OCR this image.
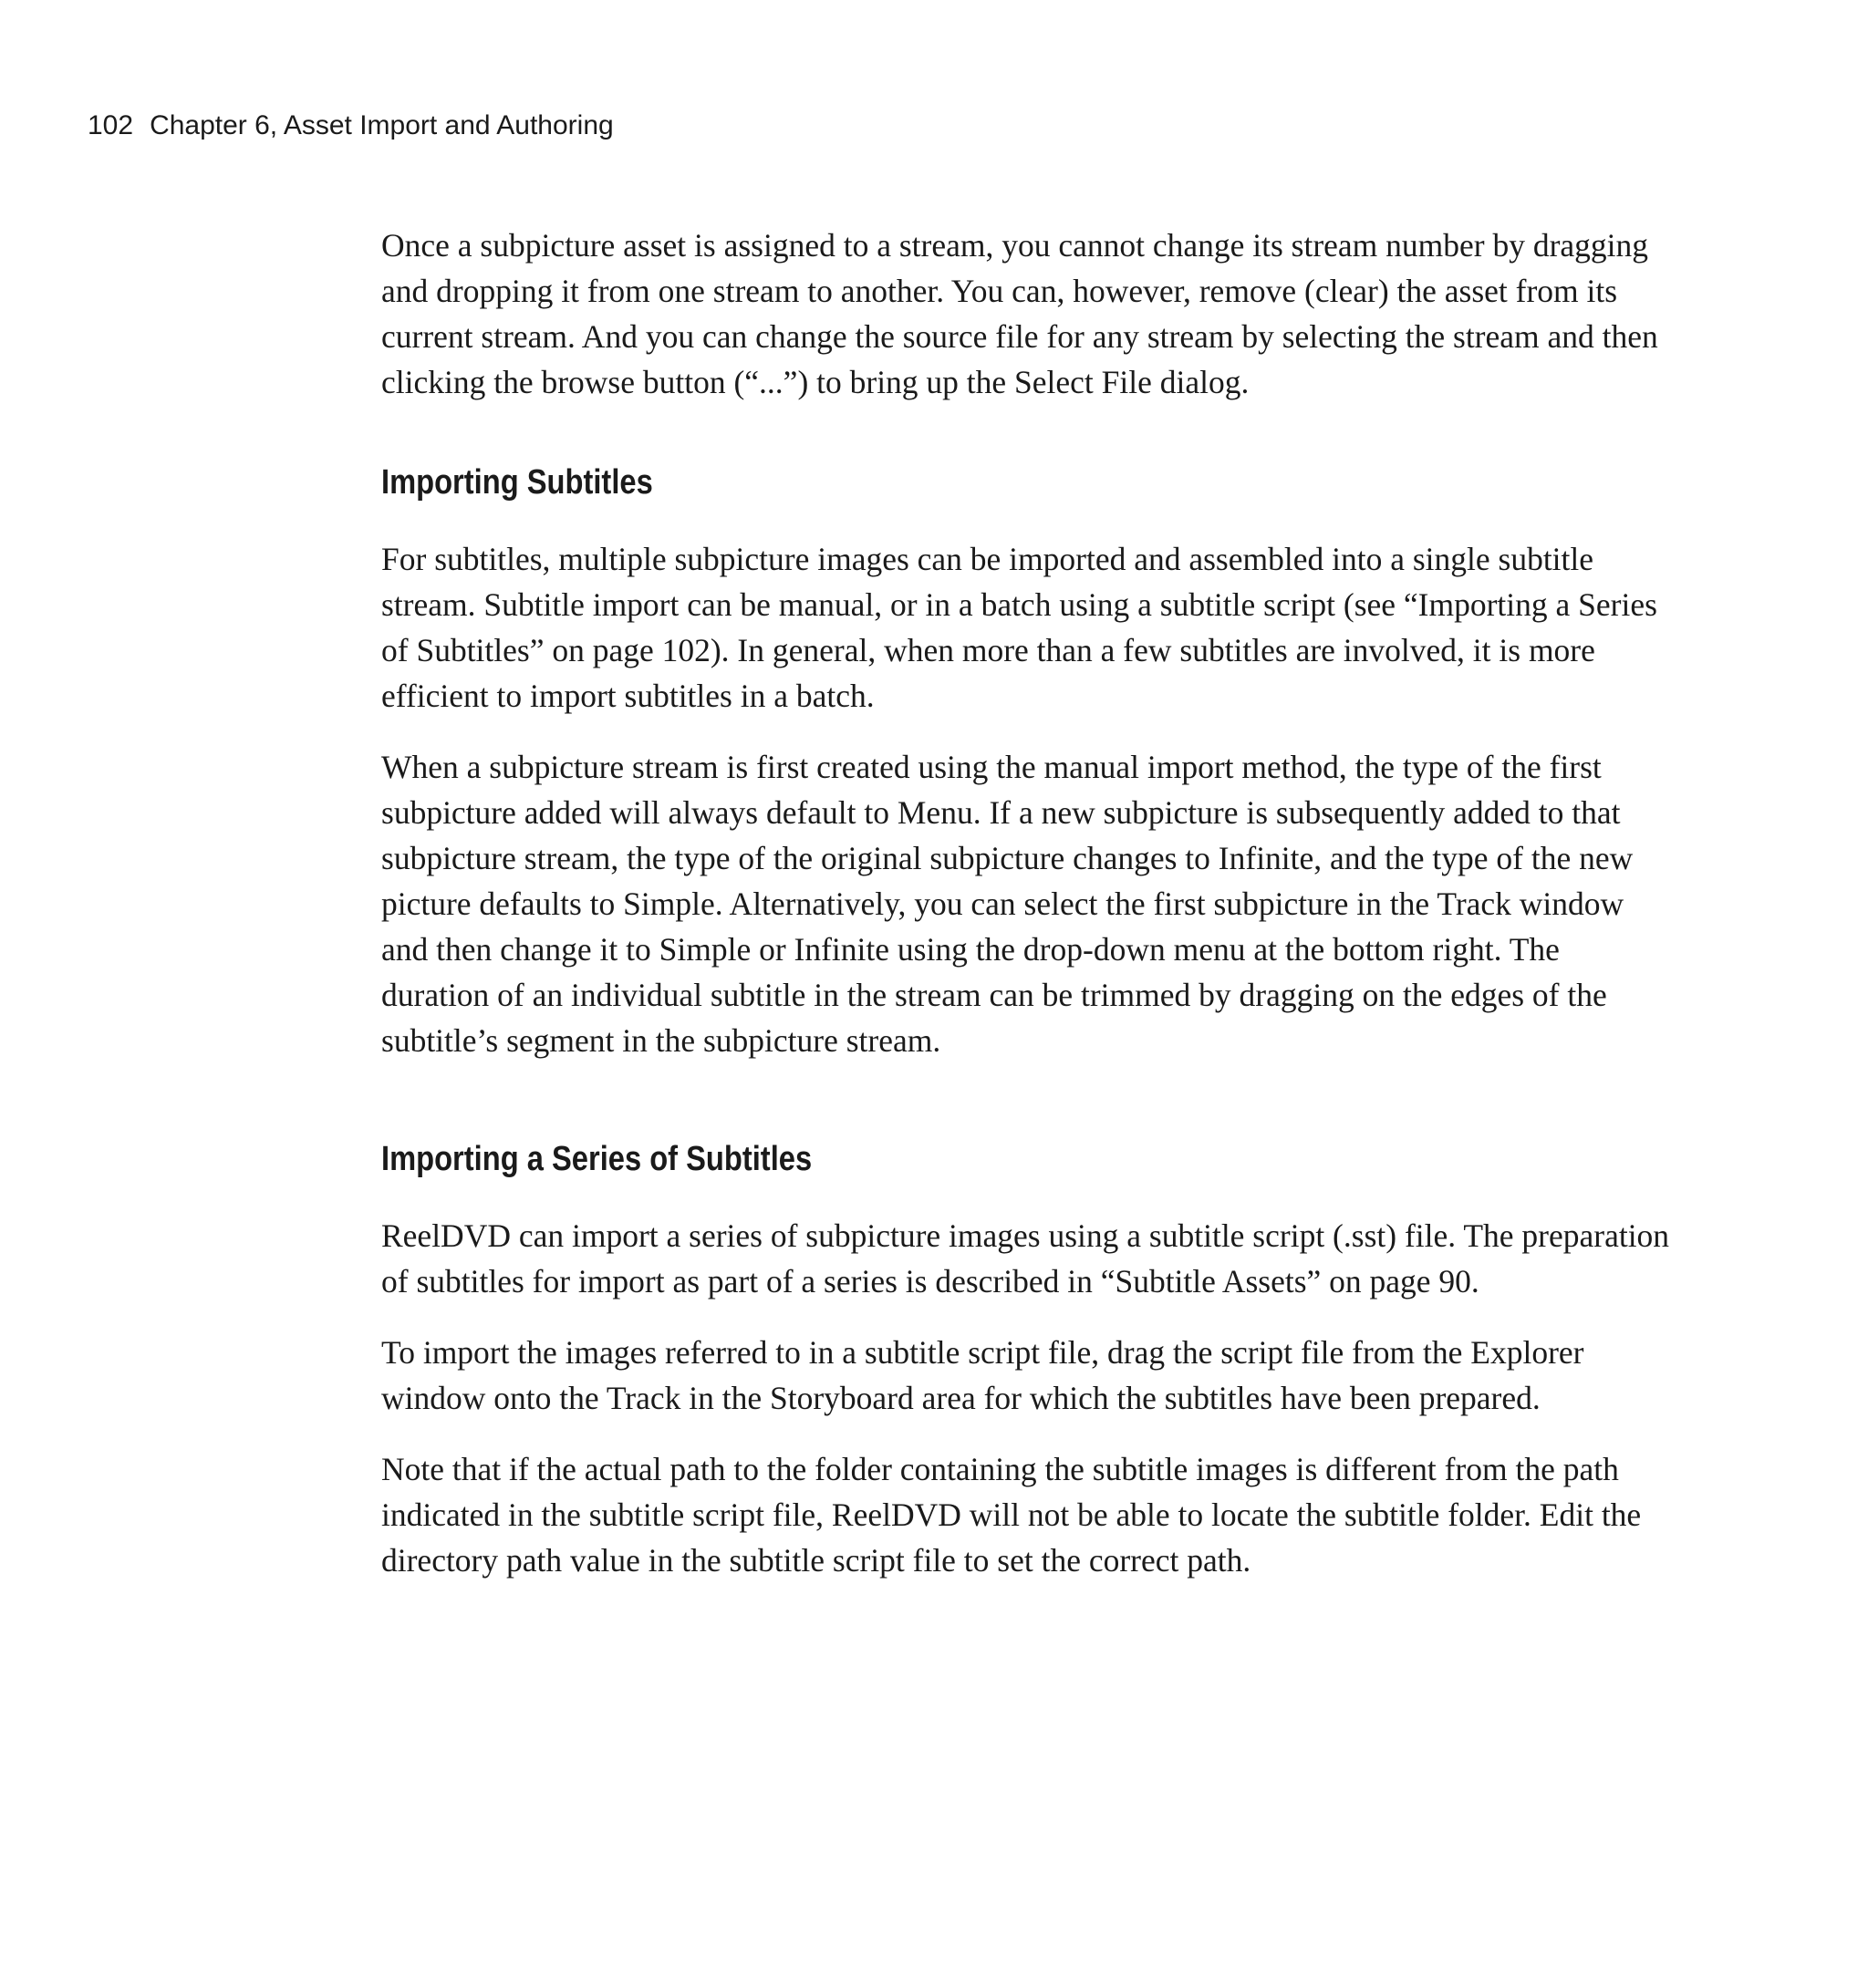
102 Chapter 6, Asset Import and Authoring

Once a subpicture asset is assigned to a stream, you cannot change its stream number by dragging and dropping it from one stream to another. You can, however, remove (clear) the asset from its current stream. And you can change the source file for any stream by selecting the stream and then clicking the browse button (“...”) to bring up the Select File dialog.

Importing Subtitles

For subtitles, multiple subpicture images can be imported and assembled into a single subtitle stream. Subtitle import can be manual, or in a batch using a subtitle script (see “Importing a Series of Subtitles” on page 102). In general, when more than a few subtitles are involved, it is more efficient to import subtitles in a batch.

When a subpicture stream is first created using the manual import method, the type of the first subpicture added will always default to Menu. If a new subpicture is subsequently added to that subpicture stream, the type of the original subpicture changes to Infinite, and the type of the new picture defaults to Simple. Alternatively, you can select the first subpicture in the Track window and then change it to Simple or Infinite using the drop-down menu at the bottom right. The duration of an individual subtitle in the stream can be trimmed by dragging on the edges of the subtitle’s segment in the subpicture stream.

Importing a Series of Subtitles

ReelDVD can import a series of subpicture images using a subtitle script (.sst) file. The preparation of subtitles for import as part of a series is described in “Subtitle Assets” on page 90.

To import the images referred to in a subtitle script file, drag the script file from the Explorer window onto the Track in the Storyboard area for which the subtitles have been prepared.

Note that if the actual path to the folder containing the subtitle images is different from the path indicated in the subtitle script file, ReelDVD will not be able to locate the subtitle folder. Edit the directory path value in the subtitle script file to set the correct path.
